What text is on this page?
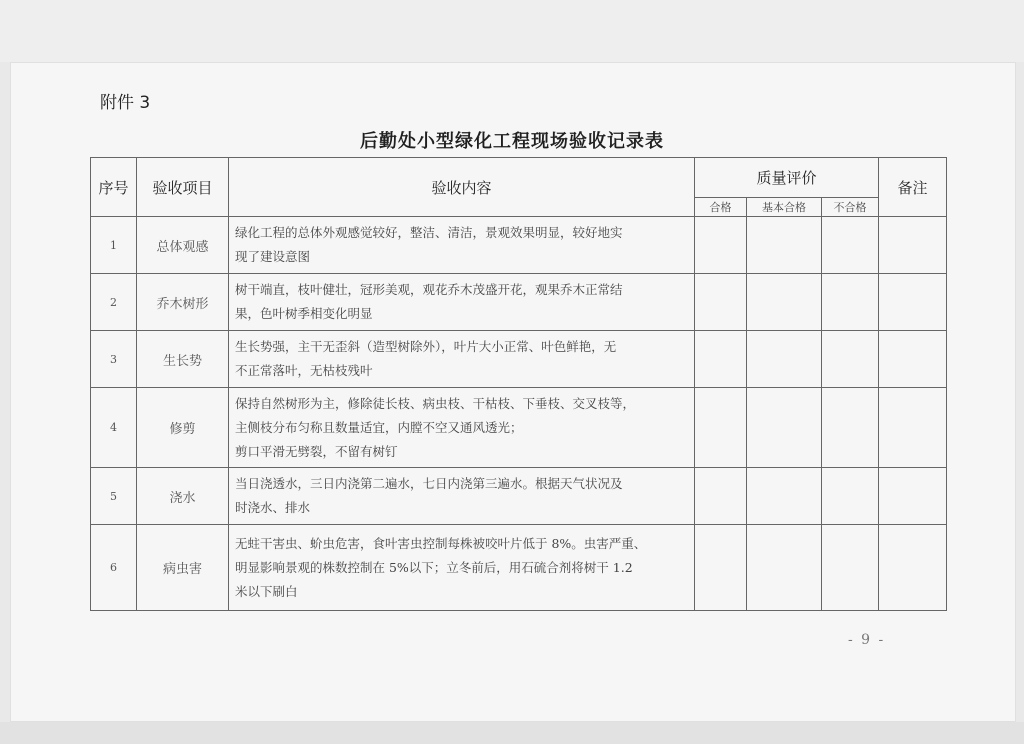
附件 3
后勤处小型绿化工程现场验收记录表
序号	验收项目	验收内容	质量评价			备注
			合格	基本合格	不合格	
1	总体观感	绿化工程的总体外观感觉较好，整洁、清洁，景观效果明显，较好地实
现了建设意图				

2	乔木树形	树干端直，枝叶健壮，冠形美观，观花乔木茂盛开花，观果乔木正常结
果，色叶树季相变化明显				

3	生长势	生长势强，主干无歪斜（造型树除外），叶片大小正常、叶色鲜艳，无
不正常落叶，无枯枝残叶				

4	修剪	保持自然树形为主，修除徒长枝、病虫枝、干枯枝、下垂枝、交叉枝等，
主侧枝分布匀称且数量适宜，内膛不空又通风透光；
剪口平滑无劈裂，不留有树钉				

5	浇水	当日浇透水，三日内浇第二遍水，七日内浇第三遍水。根据天气状况及
时浇水、排水				

6	病虫害	无蛀干害虫、蚧虫危害，食叶害虫控制每株被咬叶片低于 8%。虫害严重、
明显影响景观的株数控制在 5%以下；立冬前后，用石硫合剂将树干 1.2
米以下刷白				

- 9 -
